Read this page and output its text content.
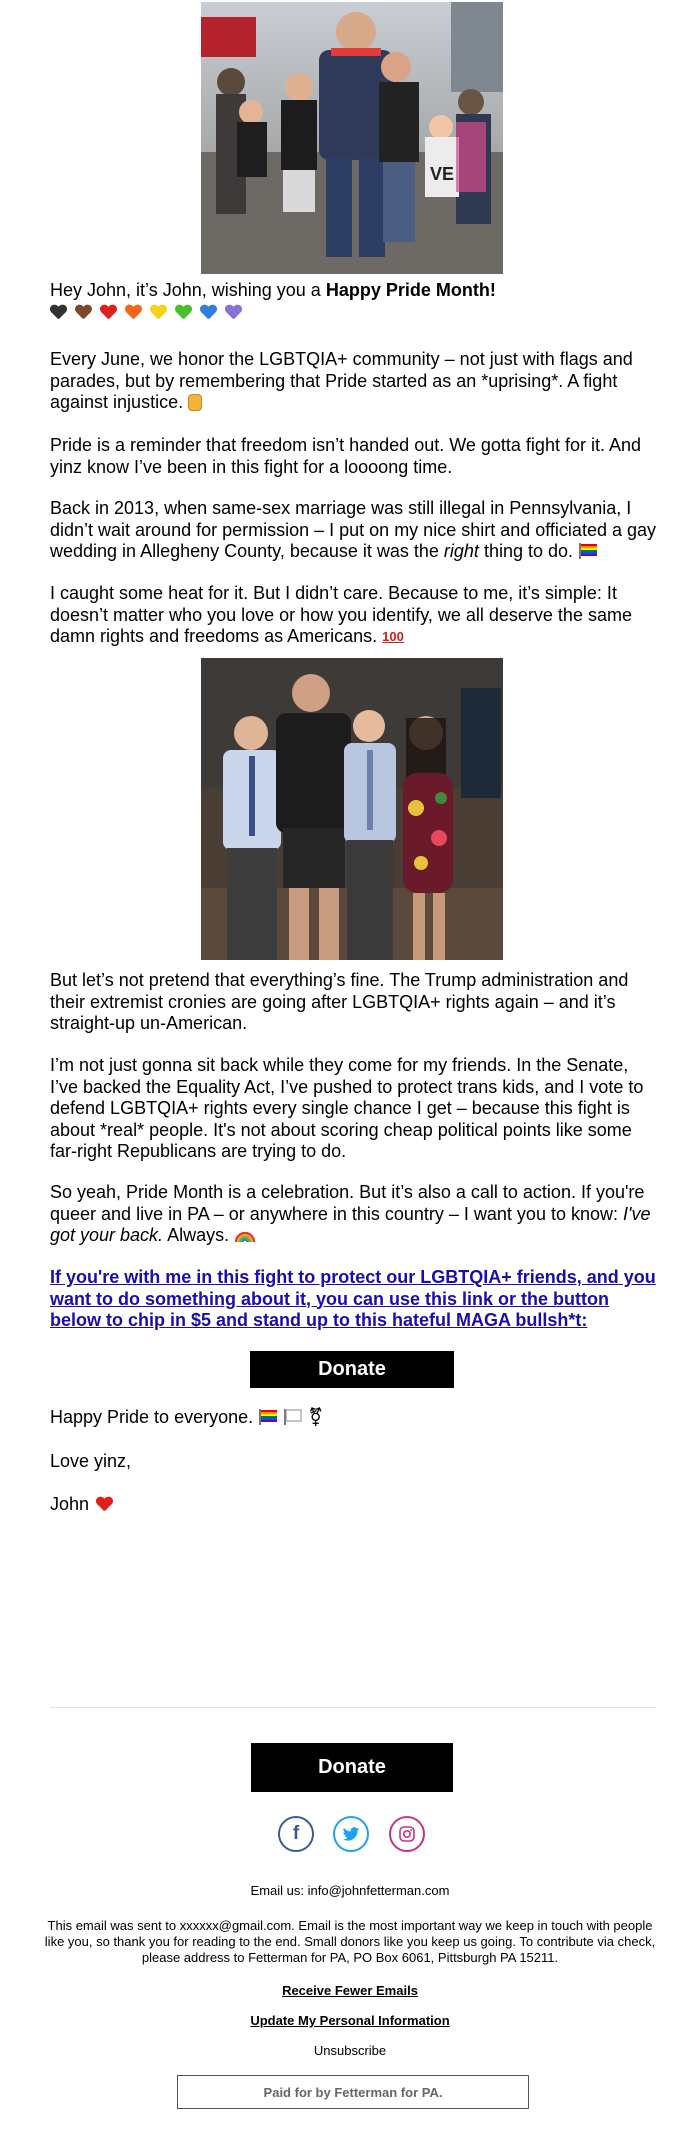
VE
Hey John, it’s John, wishing you a Happy Pride Month!

Every June, we honor the LGBTQIA+ community – not just with flags and parades, but by remembering that Pride started as an *uprising*. A fight against injustice.

Pride is a reminder that freedom isn’t handed out. We gotta fight for it. And yinz know I’ve been in this fight for a loooong time.

Back in 2013, when same-sex marriage was still illegal in Pennsylvania, I didn’t wait around for permission – I put on my nice shirt and officiated a gay wedding in Allegheny County, because it was the right thing to do.

I caught some heat for it. But I didn’t care. Because to me, it’s simple: It doesn’t matter who you love or how you identify, we all deserve the same damn rights and freedoms as Americans. 100

But let’s not pretend that everything’s fine. The Trump administration and their extremist cronies are going after LGBTQIA+ rights again – and it’s straight-up un-American.

I’m not just gonna sit back while they come for my friends. In the Senate, I’ve backed the Equality Act, I’ve pushed to protect trans kids, and I vote to defend LGBTQIA+ rights every single chance I get – because this fight is about *real* people. It's not about scoring cheap political points like some far-right Republicans are trying to do.

So yeah, Pride Month is a celebration. But it’s also a call to action. If you're queer and live in PA – or anywhere in this country – I want you to know: I've got your back. Always.

If you're with me in this fight to protect our LGBTQIA+ friends, and you want to do something about it, you can use this link or the button below to chip in $5 and stand up to this hateful MAGA bullsh*t:
Donate
Happy Pride to everyone.	⚧
Love yinz,
John
Donate
f
Email us: info@johnfetterman.com
This email was sent to xxxxxx@gmail.com. Email is the most important way we keep in touch with people like you, so thank you for reading to the end. Small donors like you keep us going. To contribute via check, please address to Fetterman for PA, PO Box 6061, Pittsburgh PA 15211.
Receive Fewer Emails
Update My Personal Information
Unsubscribe
Paid for by Fetterman for PA.
